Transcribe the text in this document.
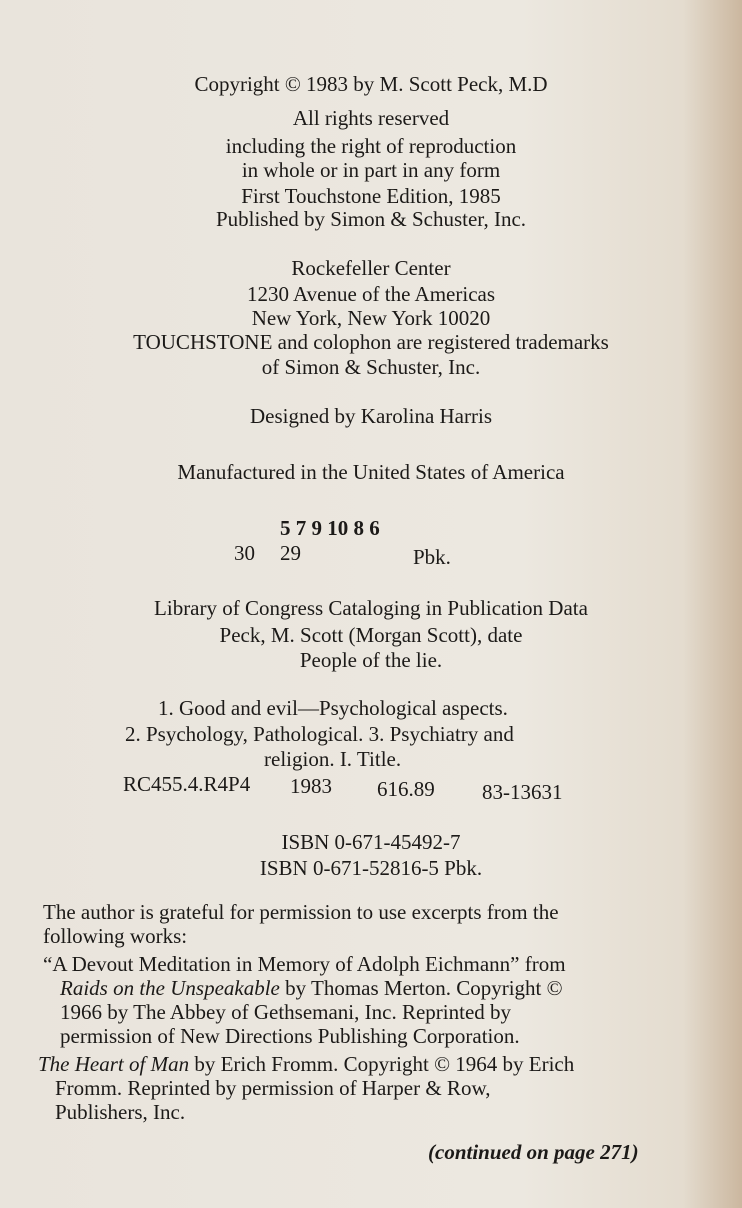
Copyright © 1983 by M. Scott Peck, M.D
All rights reserved
including the right of reproduction
in whole or in part in any form
First Touchstone Edition, 1985
Published by Simon & Schuster, Inc.
Rockefeller Center
1230 Avenue of the Americas
New York, New York 10020
TOUCHSTONE and colophon are registered trademarks
of Simon & Schuster, Inc.
Designed by Karolina Harris
Manufactured in the United States of America
5 7 9 10 8 6
30 29	Pbk.
Library of Congress Cataloging in Publication Data
Peck, M. Scott (Morgan Scott), date
People of the lie.
1. Good and evil—Psychological aspects.
2. Psychology, Pathological. 3. Psychiatry and
religion. I. Title.
RC455.4.R4P4 1983 616.89 83-13631
ISBN 0-671-45492-7
ISBN 0-671-52816-5 Pbk.
The author is grateful for permission to use excerpts from the
following works:
“A Devout Meditation in Memory of Adolph Eichmann” from
Raids on the Unspeakable by Thomas Merton. Copyright ©
1966 by The Abbey of Gethsemani, Inc. Reprinted by
permission of New Directions Publishing Corporation.
The Heart of Man by Erich Fromm. Copyright © 1964 by Erich
Fromm. Reprinted by permission of Harper & Row,
Publishers, Inc.
(continued on page 271)
